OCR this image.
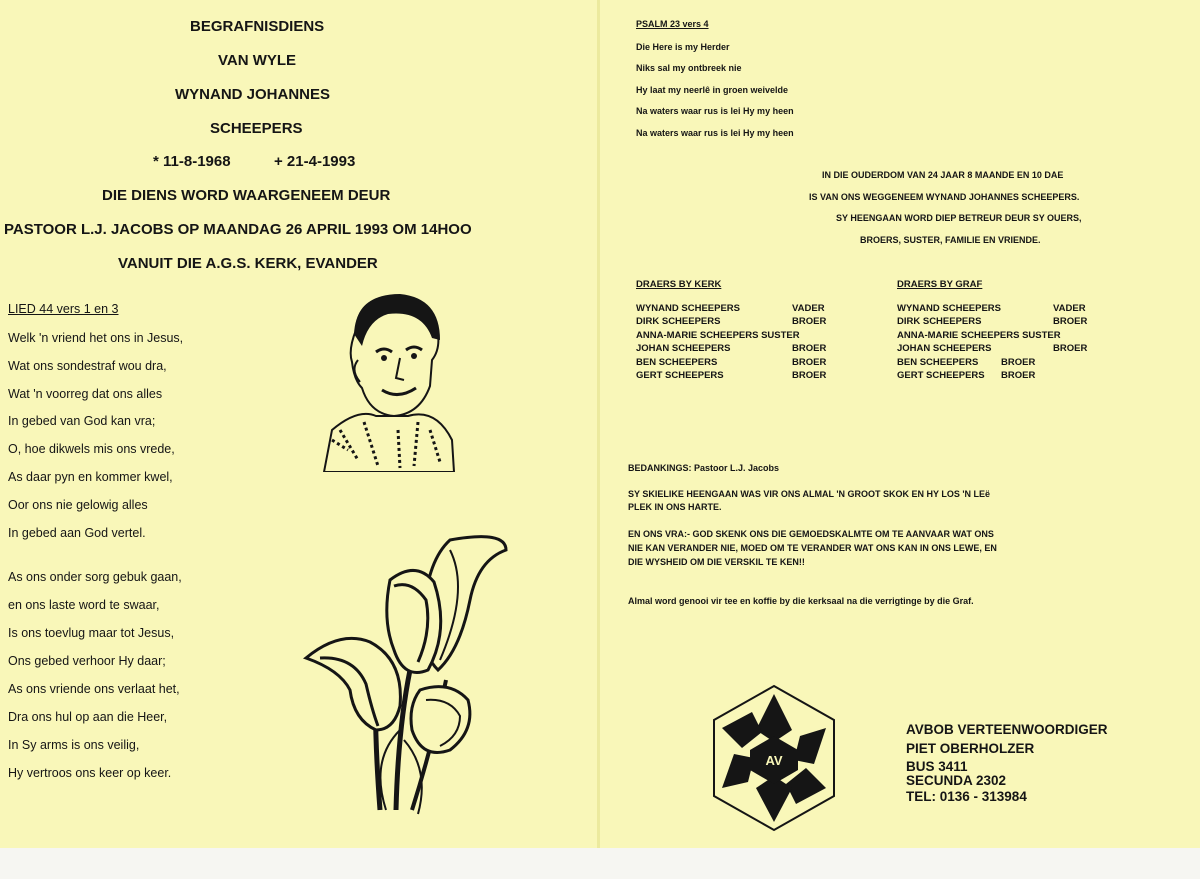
BEGRAFNISDIENS
VAN WYLE
WYNAND JOHANNES
SCHEEPERS
* 11-8-1968	+ 21-4-1993
DIE DIENS WORD WAARGENEEM DEUR
PASTOOR L.J. JACOBS OP MAANDAG 26 APRIL 1993 OM 14HOO
VANUIT DIE A.G.S. KERK, EVANDER
LIED 44 vers 1 en 3
Welk 'n vriend het ons in Jesus,
Wat ons sondestraf wou dra,
Wat 'n voorreg dat ons alles
In gebed van God kan vra;
O, hoe dikwels mis ons vrede,
As daar pyn en kommer kwel,
Oor ons nie gelowig alles
In gebed aan God vertel.
As ons onder sorg gebuk gaan,
en ons laste word te swaar,
Is ons toevlug maar tot Jesus,
Ons gebed verhoor Hy daar;
As ons vriende ons verlaat het,
Dra ons hul op aan die Heer,
In Sy arms is ons veilig,
Hy vertroos ons keer op keer.
PSALM 23 vers 4
Die Here is my Herder
Niks sal my ontbreek nie
Hy laat my neerlê in groen weivelde
Na waters waar rus is lei Hy my heen
Na waters waar rus is lei Hy my heen
IN DIE OUDERDOM VAN 24 JAAR 8 MAANDE EN 10 DAE
IS VAN ONS WEGGENEEM WYNAND JOHANNES SCHEEPERS.
SY HEENGAAN WORD DIEP BETREUR DEUR SY OUERS,
BROERS, SUSTER, FAMILIE EN VRIENDE.
DRAERS BY KERK
WYNAND SCHEEPERS	VADER
DIRK SCHEEPERS	BROER
ANNA-MARIE SCHEEPERS SUSTER
JOHAN SCHEEPERS	BROER
BEN SCHEEPERS	BROER
GERT SCHEEPERS	BROER
DRAERS BY GRAF
WYNAND SCHEEPERS	VADER
DIRK SCHEEPERS	BROER
ANNA-MARIE SCHEEPERS SUSTER
JOHAN SCHEEPERS	BROER
BEN SCHEEPERS BROER
GERT SCHEEPERS BROER
BEDANKINGS: Pastoor L.J. Jacobs
SY SKIELIKE HEENGAAN WAS VIR ONS ALMAL 'N GROOT SKOK EN HY LOS 'N LEë
PLEK IN ONS HARTE.
EN ONS VRA:- GOD SKENK ONS DIE GEMOEDSKALMTE OM TE AANVAAR WAT ONS
NIE KAN VERANDER NIE, MOED OM TE VERANDER WAT ONS KAN IN ONS LEWE, EN
DIE WYSHEID OM DIE VERSKIL TE KEN!!
Almal word genooi vir tee en koffie by die kerksaal na die verrigtinge by die Graf.
AV
AVBOB VERTEENWOORDIGER
PIET OBERHOLZER
BUS 3411
SECUNDA 2302
TEL: 0136 - 313984
